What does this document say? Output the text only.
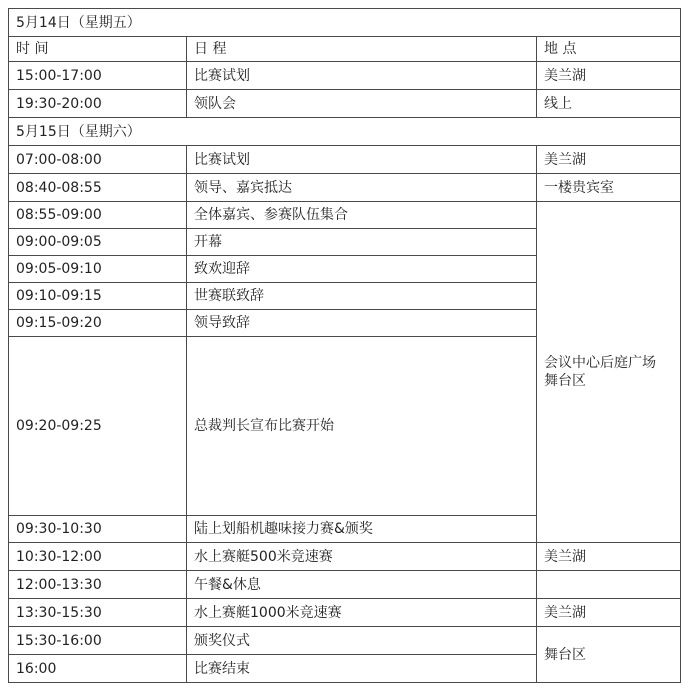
5月14日（星期五）		
时 间	日 程	地 点
15:00-17:00	比赛试划	美兰湖
19:30-20:00	领队会	线上
5月15日（星期六）		
07:00-08:00	比赛试划	美兰湖
08:40-08:55	领导、嘉宾抵达	一楼贵宾室
08:55-09:00	全体嘉宾、参赛队伍集合	会议中心后庭广场
舞台区
09:00-09:05	开幕	
09:05-09:10	致欢迎辞	
09:10-09:15	世赛联致辞	
09:15-09:20	领导致辞	
09:20-09:25	总裁判长宣布比赛开始	
09:30-10:30	陆上划船机趣味接力赛&颁奖	
10:30-12:00	水上赛艇500米竞速赛	美兰湖
12:00-13:30	午餐&休息	
13:30-15:30	水上赛艇1000米竞速赛	美兰湖
15:30-16:00	颁奖仪式	舞台区
16:00	比赛结束	
